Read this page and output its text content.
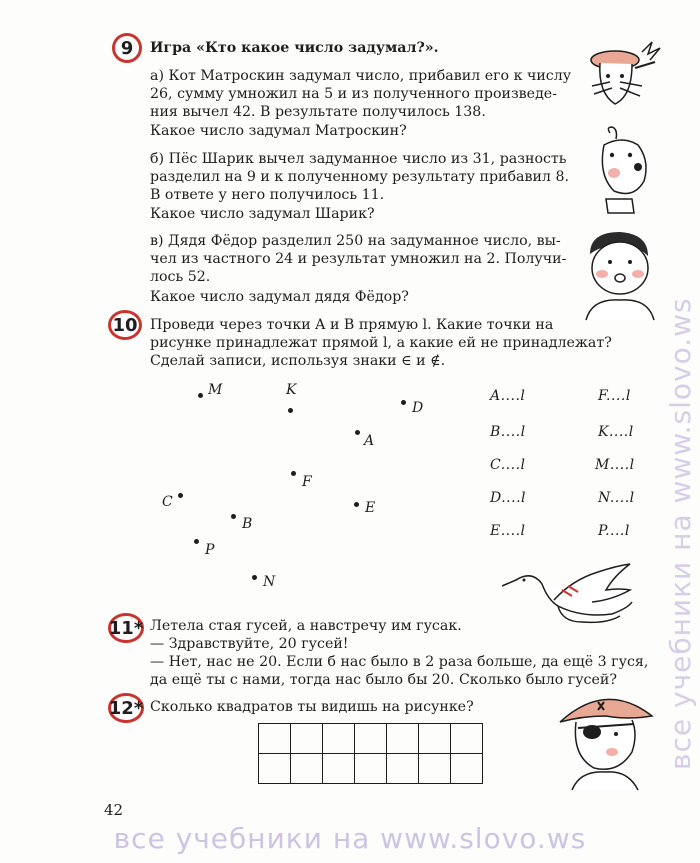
9 Игра «Кто какое число задумал?».
а) Кот Матроскин задумал число, прибавил его к числу
26, сумму умножил на 5 и из полученного произведе-
ния вычел 42. В результате получилось 138.
Какое число задумал Матроскин?
б) Пёс Шарик вычел задуманное число из 31, разность
разделил на 9 и к полученному результату прибавил 8.
В ответе у него получилось 11.
Какое число задумал Шарик?
в) Дядя Фёдор разделил 250 на задуманное число, вы-
чел из частного 24 и результат умножил на 2. Получи-
лось 52.
Какое число задумал дядя Фёдор?
10 Проведи через точки A и B прямую l. Какие точки на
рисунке принадлежат прямой l, а какие ей не принадлежат?
Сделай записи, используя знаки ∈ и ∉.
M	K
D
A
F
C	E
B
P
N
A....l
B....l
C....l
D....l
E....l
F....l
K....l
M....l
N....l
P....l
11* Летела стая гусей, а навстречу им гусак.
— Здравствуйте, 20 гусей!
— Нет, нас не 20. Если б нас было в 2 раза больше, да ещё 3 гуся,
да ещё ты с нами, тогда нас было бы 20. Сколько было гусей?
12* Сколько квадратов ты видишь на рисунке?

42
все учебники на www.slovo.ws
все учебники на www.slovo.ws
